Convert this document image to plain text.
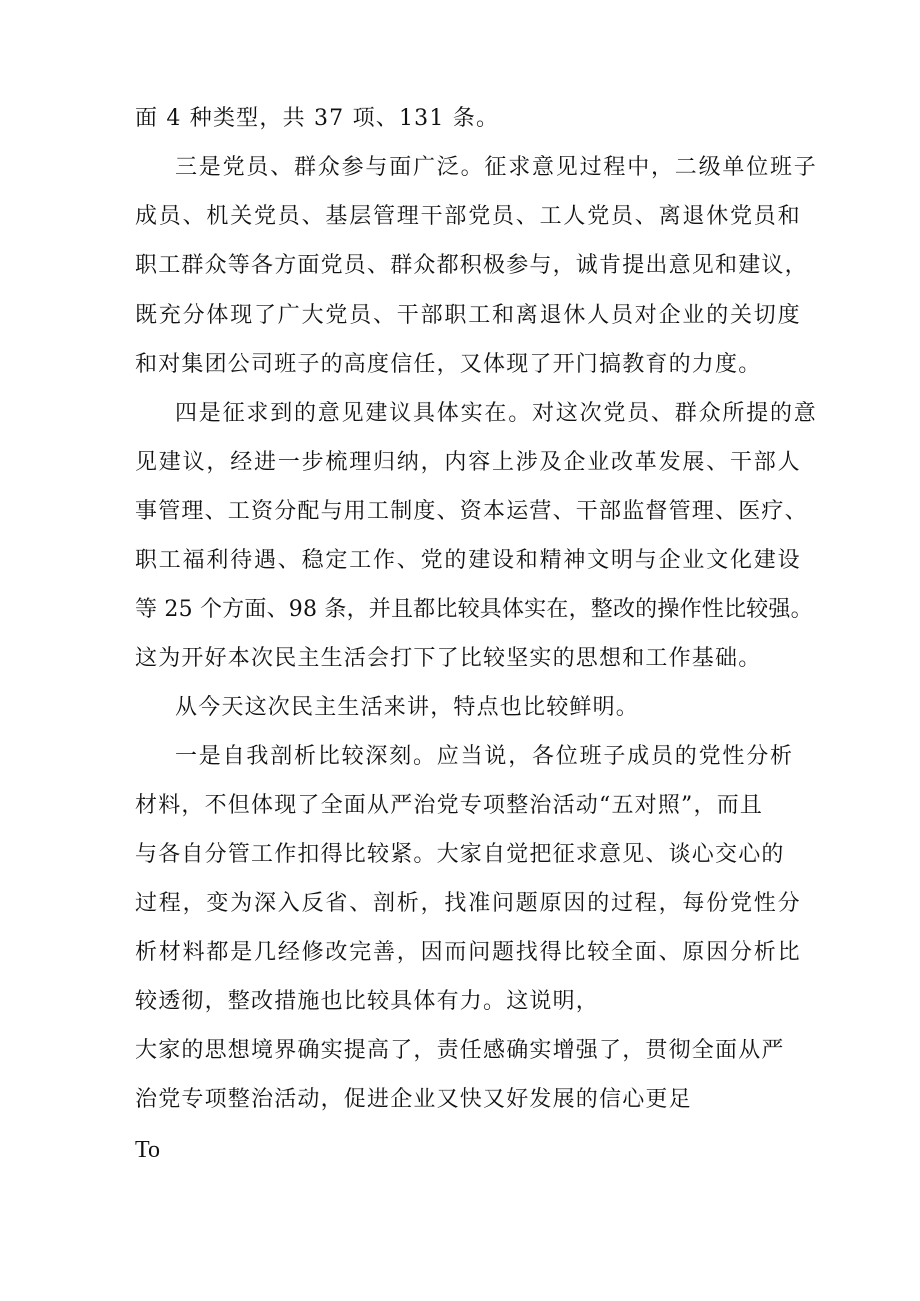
面 4 种类型，共 37 项、131 条。
三是党员、群众参与面广泛。征求意见过程中，二级单位班子
成员、机关党员、基层管理干部党员、工人党员、离退休党员和
职工群众等各方面党员、群众都积极参与，诚肯提出意见和建议，
既充分体现了广大党员、干部职工和离退休人员对企业的关切度
和对集团公司班子的高度信任，又体现了开门搞教育的力度。
四是征求到的意见建议具体实在。对这次党员、群众所提的意
见建议，经进一步梳理归纳，内容上涉及企业改革发展、干部人
事管理、工资分配与用工制度、资本运营、干部监督管理、医疗、
职工福利待遇、稳定工作、党的建设和精神文明与企业文化建设
等 25 个方面、98 条，并且都比较具体实在，整改的操作性比较强。
这为开好本次民主生活会打下了比较坚实的思想和工作基础。
从今天这次民主生活来讲，特点也比较鲜明。
一是自我剖析比较深刻。应当说，各位班子成员的党性分析
材料，不但体现了全面从严治党专项整治活动“五对照”，而且
与各自分管工作扣得比较紧。大家自觉把征求意见、谈心交心的
过程，变为深入反省、剖析，找准问题原因的过程，每份党性分
析材料都是几经修改完善，因而问题找得比较全面、原因分析比
较透彻，整改措施也比较具体有力。这说明，
大家的思想境界确实提高了，责任感确实增强了，贯彻全面从严
治党专项整治活动，促进企业又快又好发展的信心更足
To
